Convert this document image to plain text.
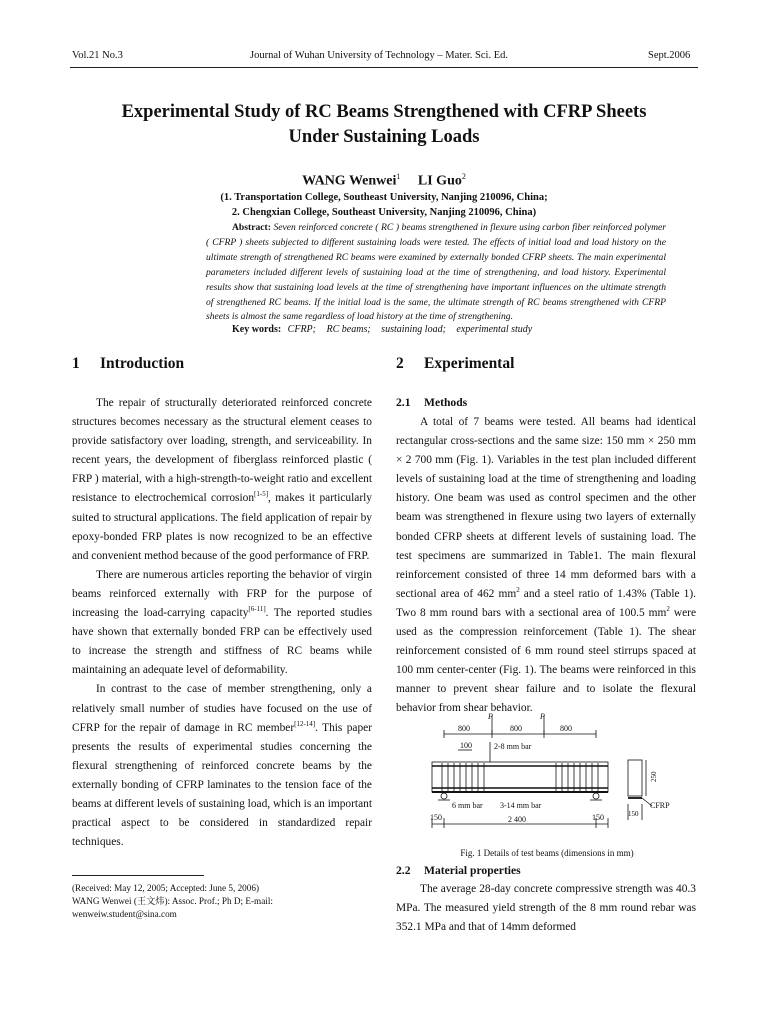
Vol.21 No.3	Journal of Wuhan University of Technology – Mater. Sci. Ed.	Sept.2006
Experimental Study of RC Beams Strengthened with CFRP Sheets
Under Sustaining Loads
WANG Wenwei$^1$ LI Guo$^2$
(1. Transportation College, Southeast University, Nanjing 210096, China;
2. Chengxian College, Southeast University, Nanjing 210096, China)
Abstract: Seven reinforced concrete ( RC ) beams strengthened in flexure using carbon fiber reinforced polymer ( CFRP ) sheets subjected to different sustaining loads were tested. The effects of initial load and load history on the ultimate strength of strengthened RC beams were examined by externally bonded CFRP sheets. The main experimental parameters included different levels of sustaining load at the time of strengthening, and load history. Experimental results show that sustaining load levels at the time of strengthening have important influences on the ultimate strength of strengthened RC beams. If the initial load is the same, the ultimate strength of RC beams strengthened with CFRP sheets is almost the same regardless of load history at the time of strengthening.
Key words: CFRP; RC beams; sustaining load; experimental study
1 Introduction

The repair of structurally deteriorated reinforced concrete structures becomes necessary as the structural element ceases to provide satisfactory over loading, strength, and serviceability. In recent years, the development of fiberglass reinforced plastic ( FRP ) material, with a high-strength-to-weight ratio and excellent resistance to electrochemical corrosion[1-5], makes it particularly suited to structural applications. The field application of repair by epoxy-bonded FRP plates is now recognized to be an effective and convenient method because of the good performance of FRP.

There are numerous articles reporting the behavior of virgin beams reinforced externally with FRP for the purpose of increasing the load-carrying capacity[6-11]. The reported studies have shown that externally bonded FRP can be effectively used to increase the strength and stiffness of RC beams while maintaining an adequate level of deformability.

In contrast to the case of member strengthening, only a relatively small number of studies have focused on the use of CFRP for the repair of damage in RC member[12-14]. This paper presents the results of experimental studies concerning the flexural strengthening of reinforced concrete beams by the externally bonding of CFRP laminates to the tension face of the beams at different levels of sustaining load, which is an important practical aspect to be considered in standardized repair techniques.

2 Experimental
2.1 Methods

A total of 7 beams were tested. All beams had identical rectangular cross-sections and the same size: 150 mm × 250 mm × 2 700 mm (Fig. 1). Variables in the test plan included different levels of sustaining load at the time of strengthening and loading history. One beam was used as control specimen and the other beam was strengthened in flexure using two layers of externally bonded CFRP sheets at different levels of sustaining load. The test specimens are summarized in Table1. The main flexural reinforcement consisted of three 14 mm deformed bars with a sectional area of 462 $mm^2$ and a steel ratio of 1.43% (Table 1). Two 8 mm round bars with a sectional area of 100.5 $mm^2$ were used as the compression reinforcement (Table 1). The shear reinforcement consisted of 6 mm round steel stirrups spaced at 100 mm center-center (Fig. 1). The beams were reinforced in this manner to prevent shear failure and to isolate the flexural behavior from shear behavior.

P	P
800	800	800
100	2-8 mm bar
6 mm bar 3-14 mm bar
150	2 400	150
250
150
CFRP
Fig. 1 Details of test beams (dimensions in mm)
2.2 Material properties

The average 28-day concrete compressive strength was 40.3 MPa. The measured yield strength of the 8 mm round rebar was 352.1 MPa and that of 14mm deformed

(Received: May 12, 2005; Accepted: June 5, 2006)
WANG Wenwei (王文炜): Assoc. Prof.; Ph D; E-mail: wenweiw.student@sina.com
